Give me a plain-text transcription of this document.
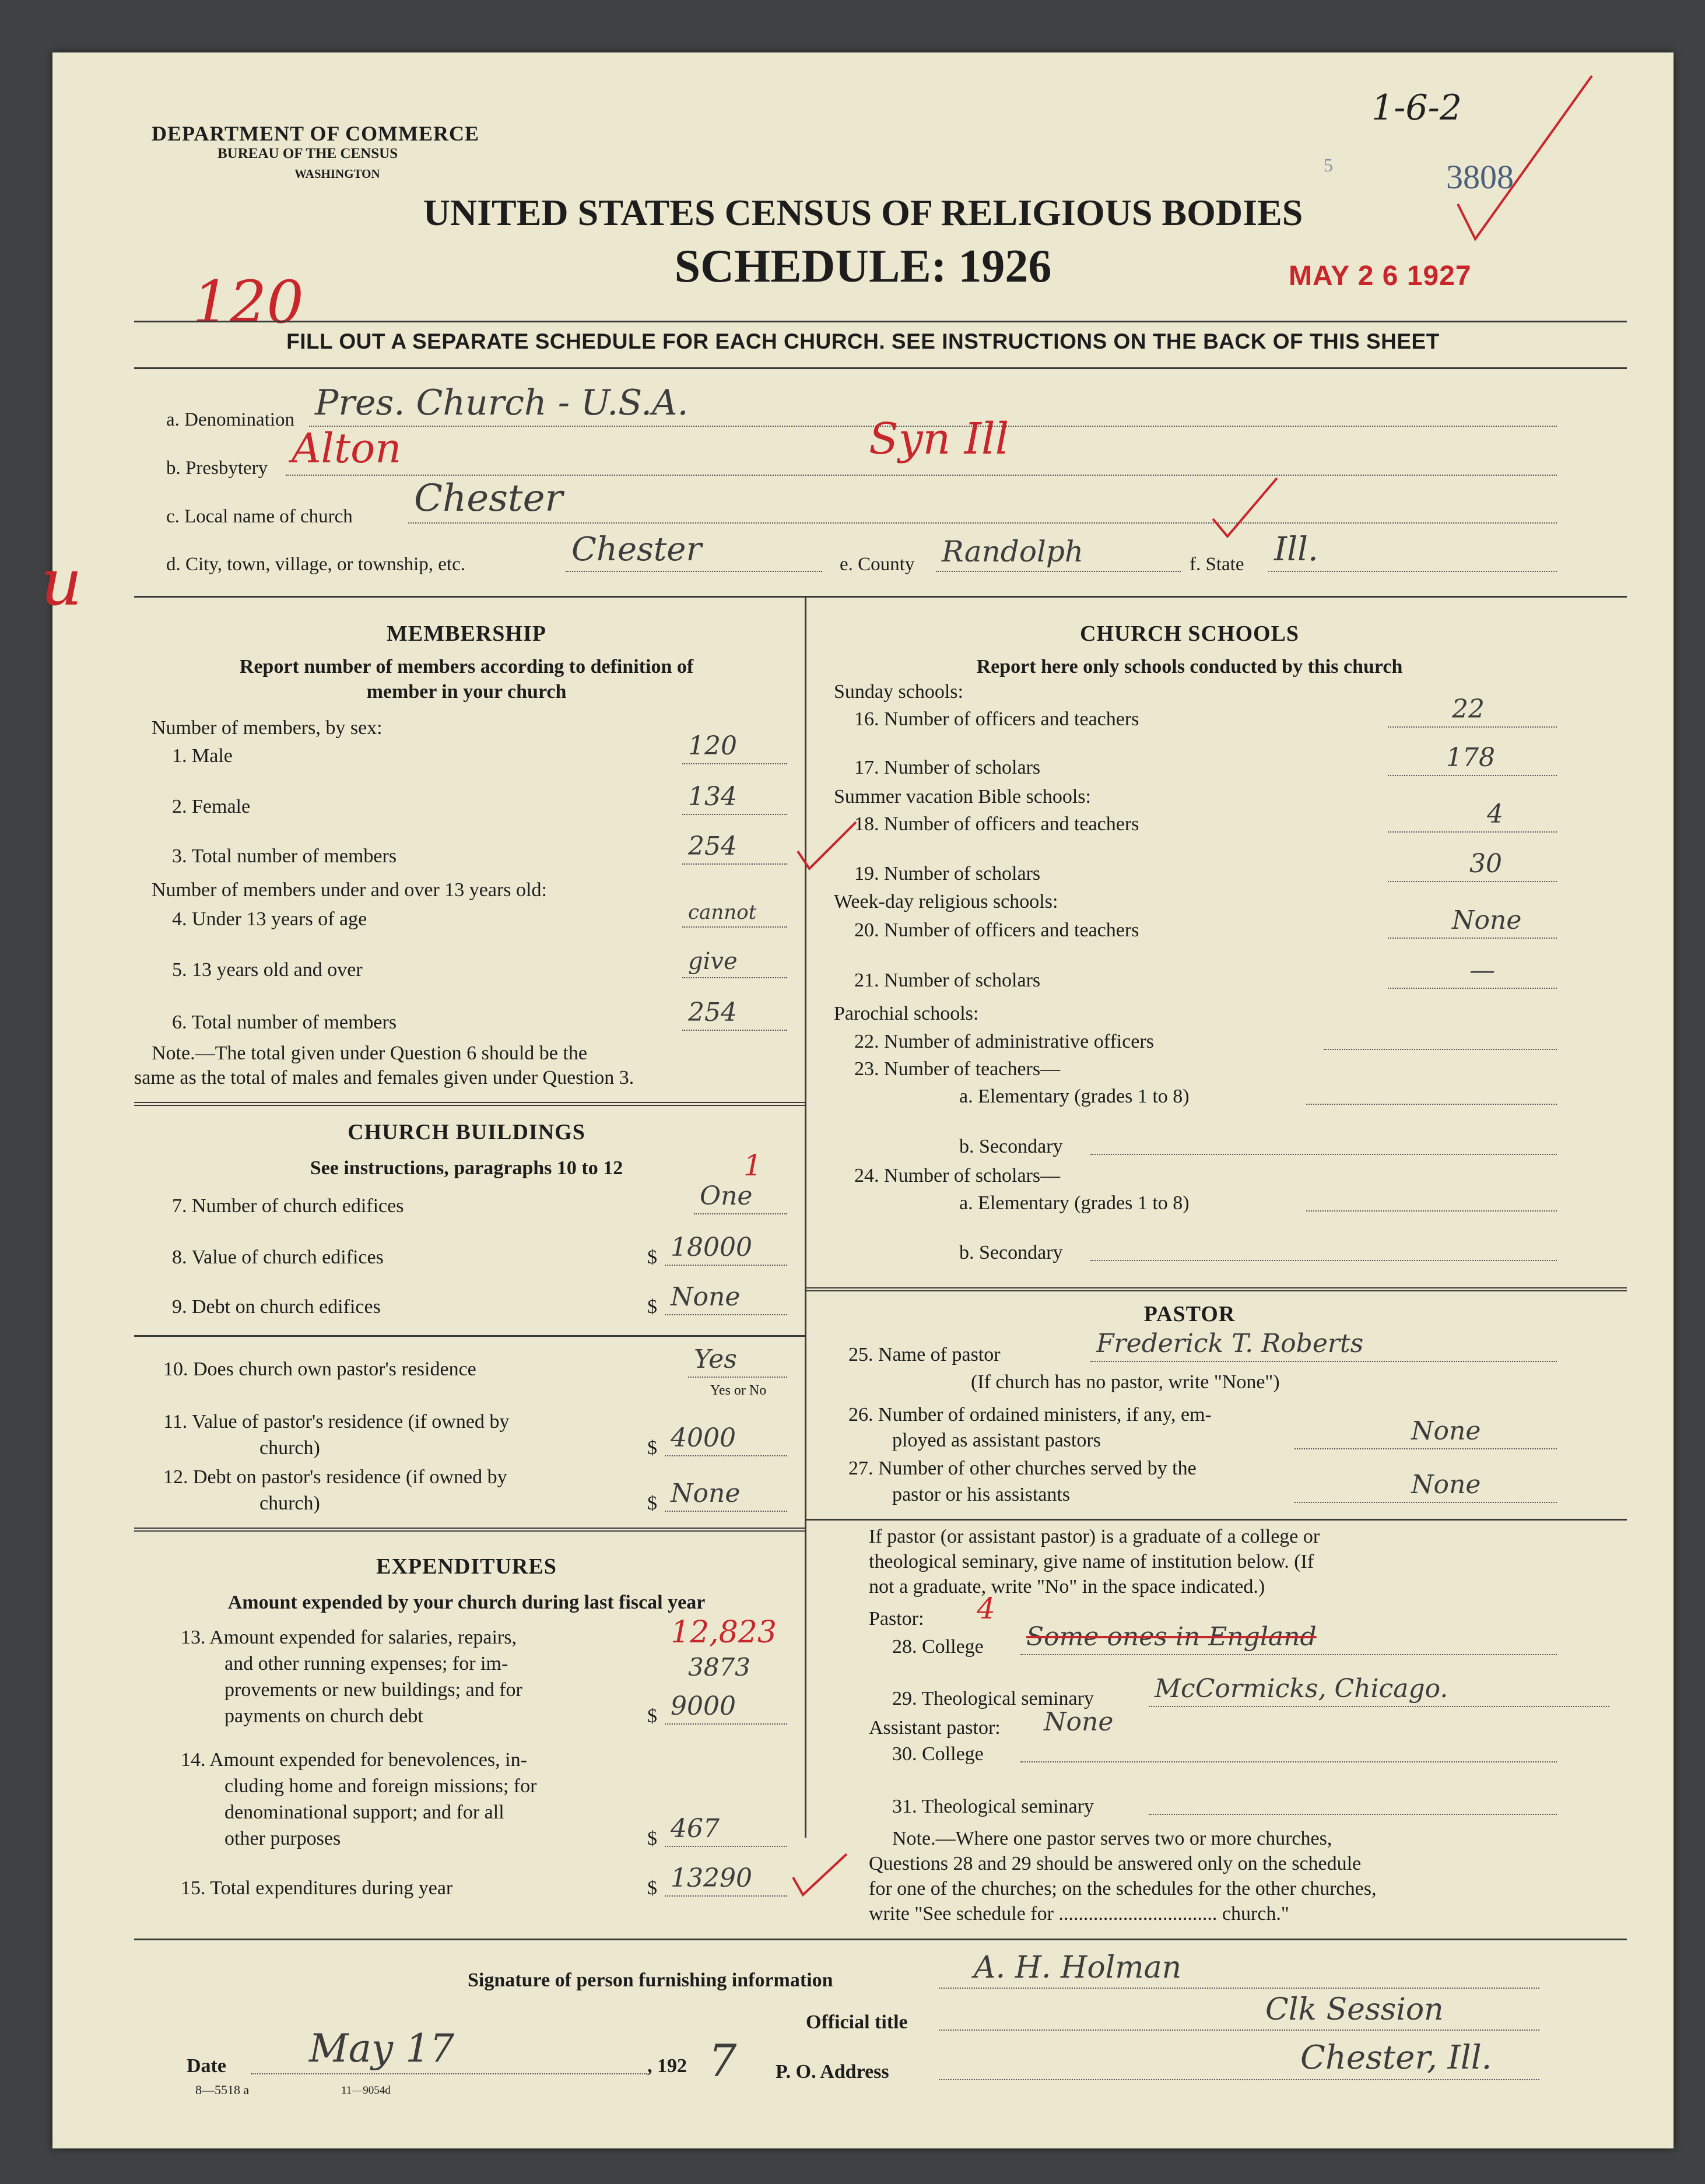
DEPARTMENT OF COMMERCE
BUREAU OF THE CENSUS
WASHINGTON
UNITED STATES CENSUS OF RELIGIOUS BODIES
SCHEDULE: 1926	MAY 2 6 1927
1-6-2
3808
5
120
u
FILL OUT A SEPARATE SCHEDULE FOR EACH CHURCH. SEE INSTRUCTIONS ON THE BACK OF THIS SHEET
a. Denomination Pres. Church - U.S.A.
Syn Ill
b. Presbytery Alton
c. Local name of church Chester
d. City, town, village, or township, etc.	Chester	e. County Randolph	f. State Ill.
MEMBERSHIP
Report number of members according to definition of
member in your church
Number of members, by sex:
1. Male	120
2. Female	134
3. Total number of members	254
Number of members under and over 13 years old:
4. Under 13 years of age	cannot
5. 13 years old and over	give
6. Total number of members	254
Note.—The total given under Question 6 should be the
same as the total of males and females given under Question 3.
CHURCH BUILDINGS
See instructions, paragraphs 10 to 12	1
7. Number of church edifices	One
8. Value of church edifices	$ 18000
9. Debt on church edifices	$ None
10. Does church own pastor's residence	Yes
Yes or No
11. Value of pastor's residence (if owned by
church)	$ 4000
12. Debt on pastor's residence (if owned by
church)	$ None
EXPENDITURES
Amount expended by your church during last fiscal year
13. Amount expended for salaries, repairs,
and other running expenses; for im-
provements or new buildings; and for
payments on church debt
12,823
3873
$ 9000
14. Amount expended for benevolences, in-
cluding home and foreign missions; for
denominational support; and for all
other purposes	$ 467
15. Total expenditures during year	$ 13290
CHURCH SCHOOLS
Report here only schools conducted by this church
Sunday schools:
16. Number of officers and teachers	22
17. Number of scholars	178
Summer vacation Bible schools:
18. Number of officers and teachers	4
19. Number of scholars	30
Week-day religious schools:
20. Number of officers and teachers	None
21. Number of scholars	—
Parochial schools:
22. Number of administrative officers
23. Number of teachers—
a. Elementary (grades 1 to 8)
b. Secondary
24. Number of scholars—
a. Elementary (grades 1 to 8)
b. Secondary
PASTOR
25. Name of pastor	Frederick T. Roberts
(If church has no pastor, write "None")
26. Number of ordained ministers, if any, em-
ployed as assistant pastors	None
27. Number of other churches served by the
pastor or his assistants	None
If pastor (or assistant pastor) is a graduate of a college or
theological seminary, give name of institution below. (If
not a graduate, write "No" in the space indicated.)
Pastor: 4
28. College Some ones in England
29. Theological seminary McCormicks, Chicago.
Assistant pastor: None
30. College
31. Theological seminary
Note.—Where one pastor serves two or more churches,
Questions 28 and 29 should be answered only on the schedule
for one of the churches; on the schedules for the other churches,
write "See schedule for ................................ church."
Signature of person furnishing information	A. H. Holman
Official title	Clk Session
Date May 17	, 192 7 P. O. Address	Chester, Ill.
8—5518 a	11—9054d
